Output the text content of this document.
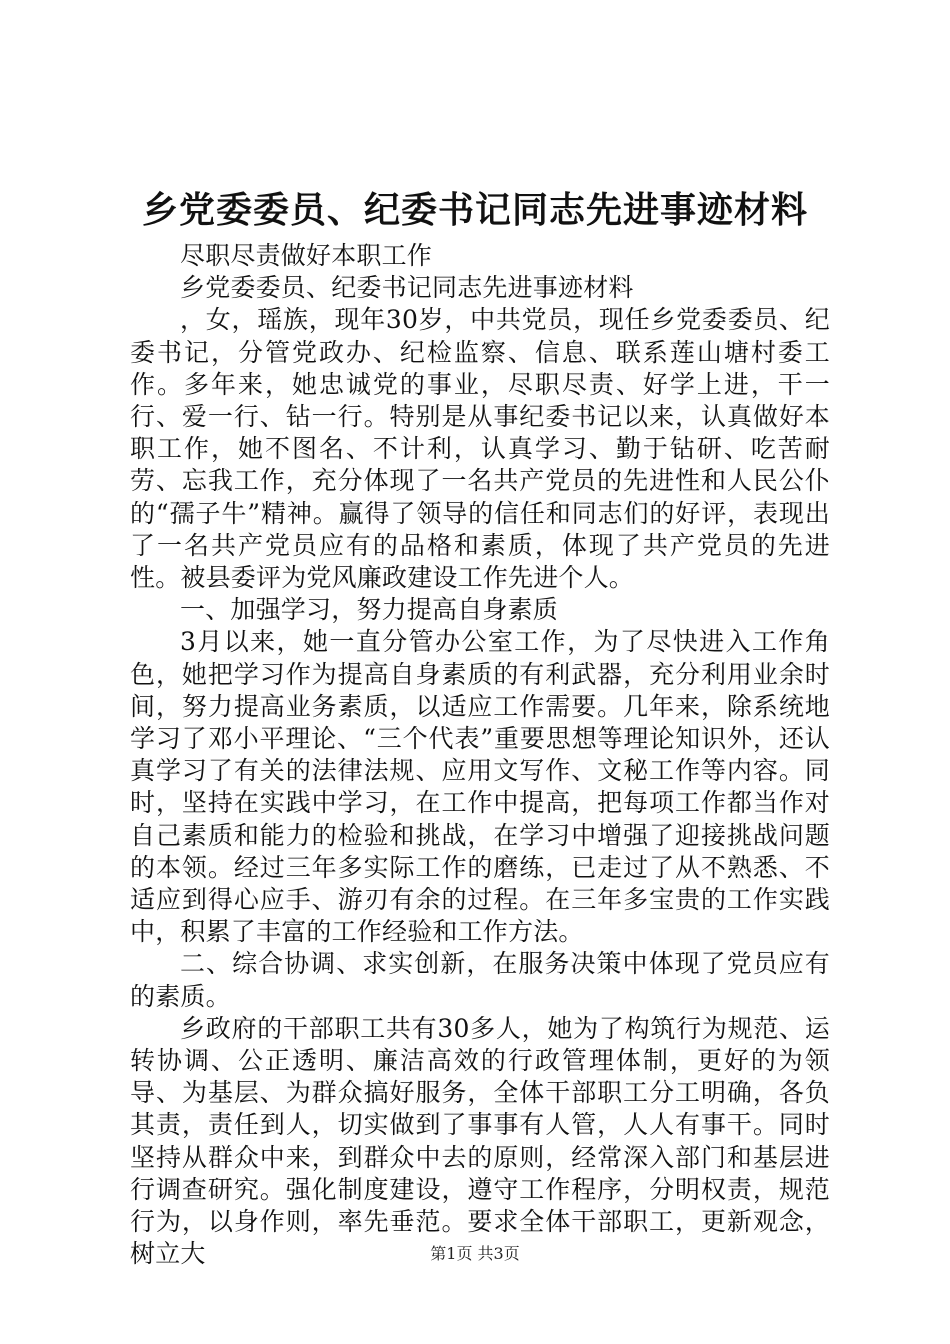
乡党委委员、纪委书记同志先进事迹材料

尽职尽责做好本职工作

乡党委委员、纪委书记同志先进事迹材料

，女，瑶族，现年30岁，中共党员，现任乡党委委员、纪委书记，分管党政办、纪检监察、信息、联系莲山塘村委工作。多年来，她忠诚党的事业，尽职尽责、好学上进，干一行、爱一行、钻一行。特别是从事纪委书记以来，认真做好本职工作，她不图名、不计利，认真学习、勤于钻研、吃苦耐劳、忘我工作，充分体现了一名共产党员的先进性和人民公仆的“孺子牛”精神。赢得了领导的信任和同志们的好评，表现出了一名共产党员应有的品格和素质，体现了共产党员的先进性。被县委评为党风廉政建设工作先进个人。

一、加强学习，努力提高自身素质

3月以来，她一直分管办公室工作，为了尽快进入工作角色，她把学习作为提高自身素质的有利武器，充分利用业余时间，努力提高业务素质，以适应工作需要。几年来，除系统地学习了邓小平理论、“三个代表”重要思想等理论知识外，还认真学习了有关的法律法规、应用文写作、文秘工作等内容。同时，坚持在实践中学习，在工作中提高，把每项工作都当作对自己素质和能力的检验和挑战，在学习中增强了迎接挑战问题的本领。经过三年多实际工作的磨练，已走过了从不熟悉、不适应到得心应手、游刃有余的过程。在三年多宝贵的工作实践中，积累了丰富的工作经验和工作方法。

二、综合协调、求实创新，在服务决策中体现了党员应有的素质。

乡政府的干部职工共有30多人，她为了构筑行为规范、运转协调、公正透明、廉洁高效的行政管理体制，更好的为领导、为基层、为群众搞好服务，全体干部职工分工明确，各负其责，责任到人，切实做到了事事有人管，人人有事干。同时坚持从群众中来，到群众中去的原则，经常深入部门和基层进行调查研究。强化制度建设，遵守工作程序，分明权责，规范行为，以身作则，率先垂范。要求全体干部职工，更新观念，树立大	第1页 共3页
